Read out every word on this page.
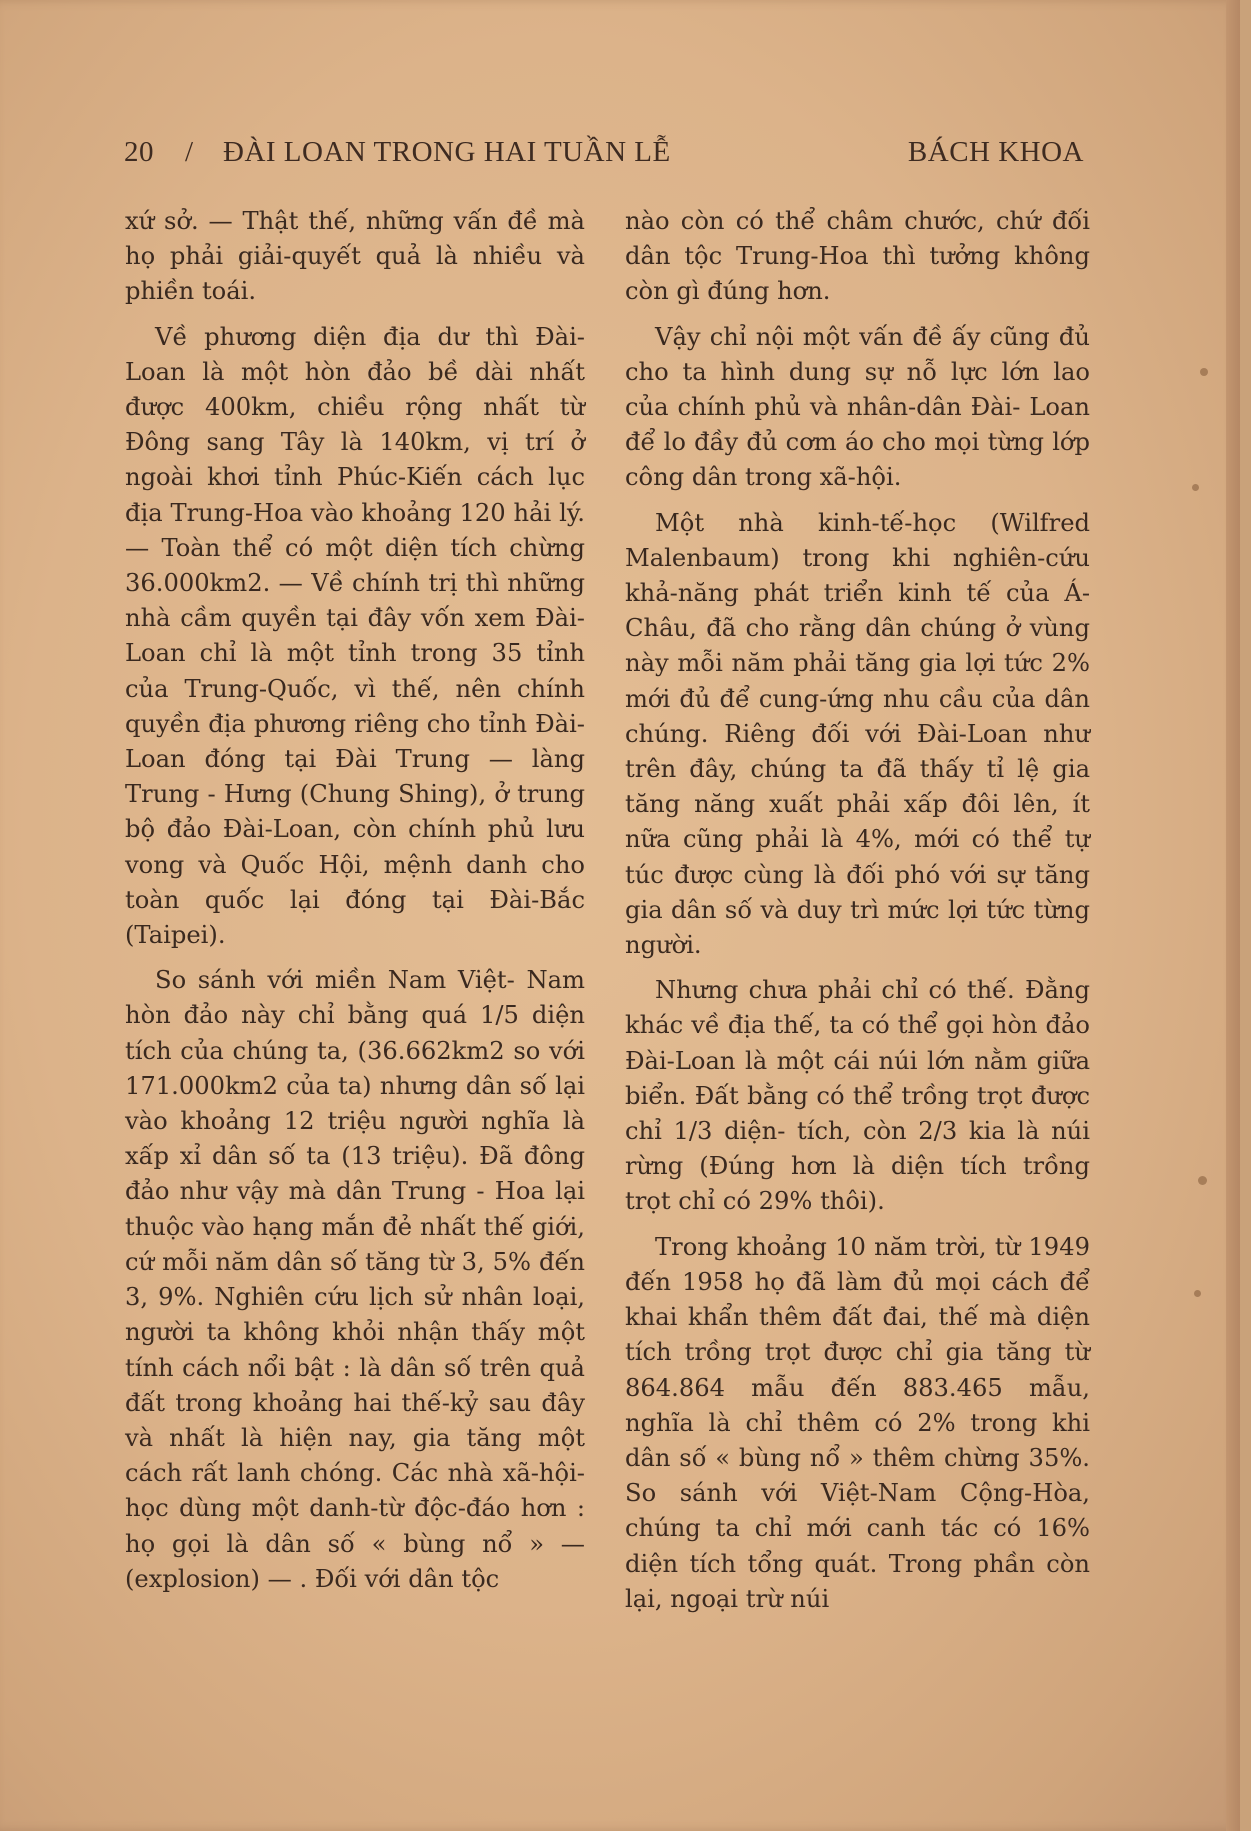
20 / ĐÀI LOAN TRONG HAI TUẦN LỄ	BÁCH KHOA

xứ sở. — Thật thế, những vấn đề mà họ phải giải-quyết quả là nhiều và phiền toái.

Về phương diện địa dư thì Đài- Loan là một hòn đảo bề dài nhất được 400km, chiều rộng nhất từ Đông sang Tây là 140km, vị trí ở ngoài khơi tỉnh Phúc-Kiến cách lục địa Trung-Hoa vào khoảng 120 hải lý. — Toàn thể có một diện tích chừng 36.000km2. — Về chính trị thì những nhà cầm quyền tại đây vốn xem Đài-Loan chỉ là một tỉnh trong 35 tỉnh của Trung-Quốc, vì thế, nên chính quyền địa phương riêng cho tỉnh Đài-Loan đóng tại Đài Trung — làng Trung - Hưng (Chung Shing), ở trung bộ đảo Đài-Loan, còn chính phủ lưu vong và Quốc Hội, mệnh danh cho toàn quốc lại đóng tại Đài-Bắc (Taipei).

So sánh với miền Nam Việt- Nam hòn đảo này chỉ bằng quá 1/5 diện tích của chúng ta, (36.662km2 so với 171.000km2 của ta) nhưng dân số lại vào khoảng 12 triệu người nghĩa là xấp xỉ dân số ta (13 triệu). Đã đông đảo như vậy mà dân Trung - Hoa lại thuộc vào hạng mắn đẻ nhất thế giới, cứ mỗi năm dân số tăng từ 3, 5% đến 3, 9%. Nghiên cứu lịch sử nhân loại, người ta không khỏi nhận thấy một tính cách nổi bật : là dân số trên quả đất trong khoảng hai thế-kỷ sau đây và nhất là hiện nay, gia tăng một cách rất lanh chóng. Các nhà xã-hội-học dùng một danh-từ độc-đáo hơn : họ gọi là dân số « bùng nổ » — (explosion) — . Đối với dân tộc

nào còn có thể châm chước, chứ đối dân tộc Trung-Hoa thì tưởng không còn gì đúng hơn.

Vậy chỉ nội một vấn đề ấy cũng đủ cho ta hình dung sự nỗ lực lớn lao của chính phủ và nhân-dân Đài- Loan để lo đầy đủ cơm áo cho mọi từng lớp công dân trong xã-hội.

Một nhà kinh-tế-học (Wilfred Malenbaum) trong khi nghiên-cứu khả-năng phát triển kinh tế của Á- Châu, đã cho rằng dân chúng ở vùng này mỗi năm phải tăng gia lợi tức 2% mới đủ để cung-ứng nhu cầu của dân chúng. Riêng đối với Đài-Loan như trên đây, chúng ta đã thấy tỉ lệ gia tăng năng xuất phải xấp đôi lên, ít nữa cũng phải là 4%, mới có thể tự túc được cùng là đối phó với sự tăng gia dân số và duy trì mức lợi tức từng người.

Nhưng chưa phải chỉ có thế. Đằng khác về địa thế, ta có thể gọi hòn đảo Đài-Loan là một cái núi lớn nằm giữa biển. Đất bằng có thể trồng trọt được chỉ 1/3 diện- tích, còn 2/3 kia là núi rừng (Đúng hơn là diện tích trồng trọt chỉ có 29% thôi).

Trong khoảng 10 năm trời, từ 1949 đến 1958 họ đã làm đủ mọi cách để khai khẩn thêm đất đai, thế mà diện tích trồng trọt được chỉ gia tăng từ 864.864 mẫu đến 883.465 mẫu, nghĩa là chỉ thêm có 2% trong khi dân số « bùng nổ » thêm chừng 35%. So sánh với Việt-Nam Cộng-Hòa, chúng ta chỉ mới canh tác có 16% diện tích tổng quát. Trong phần còn lại, ngoại trừ núi
